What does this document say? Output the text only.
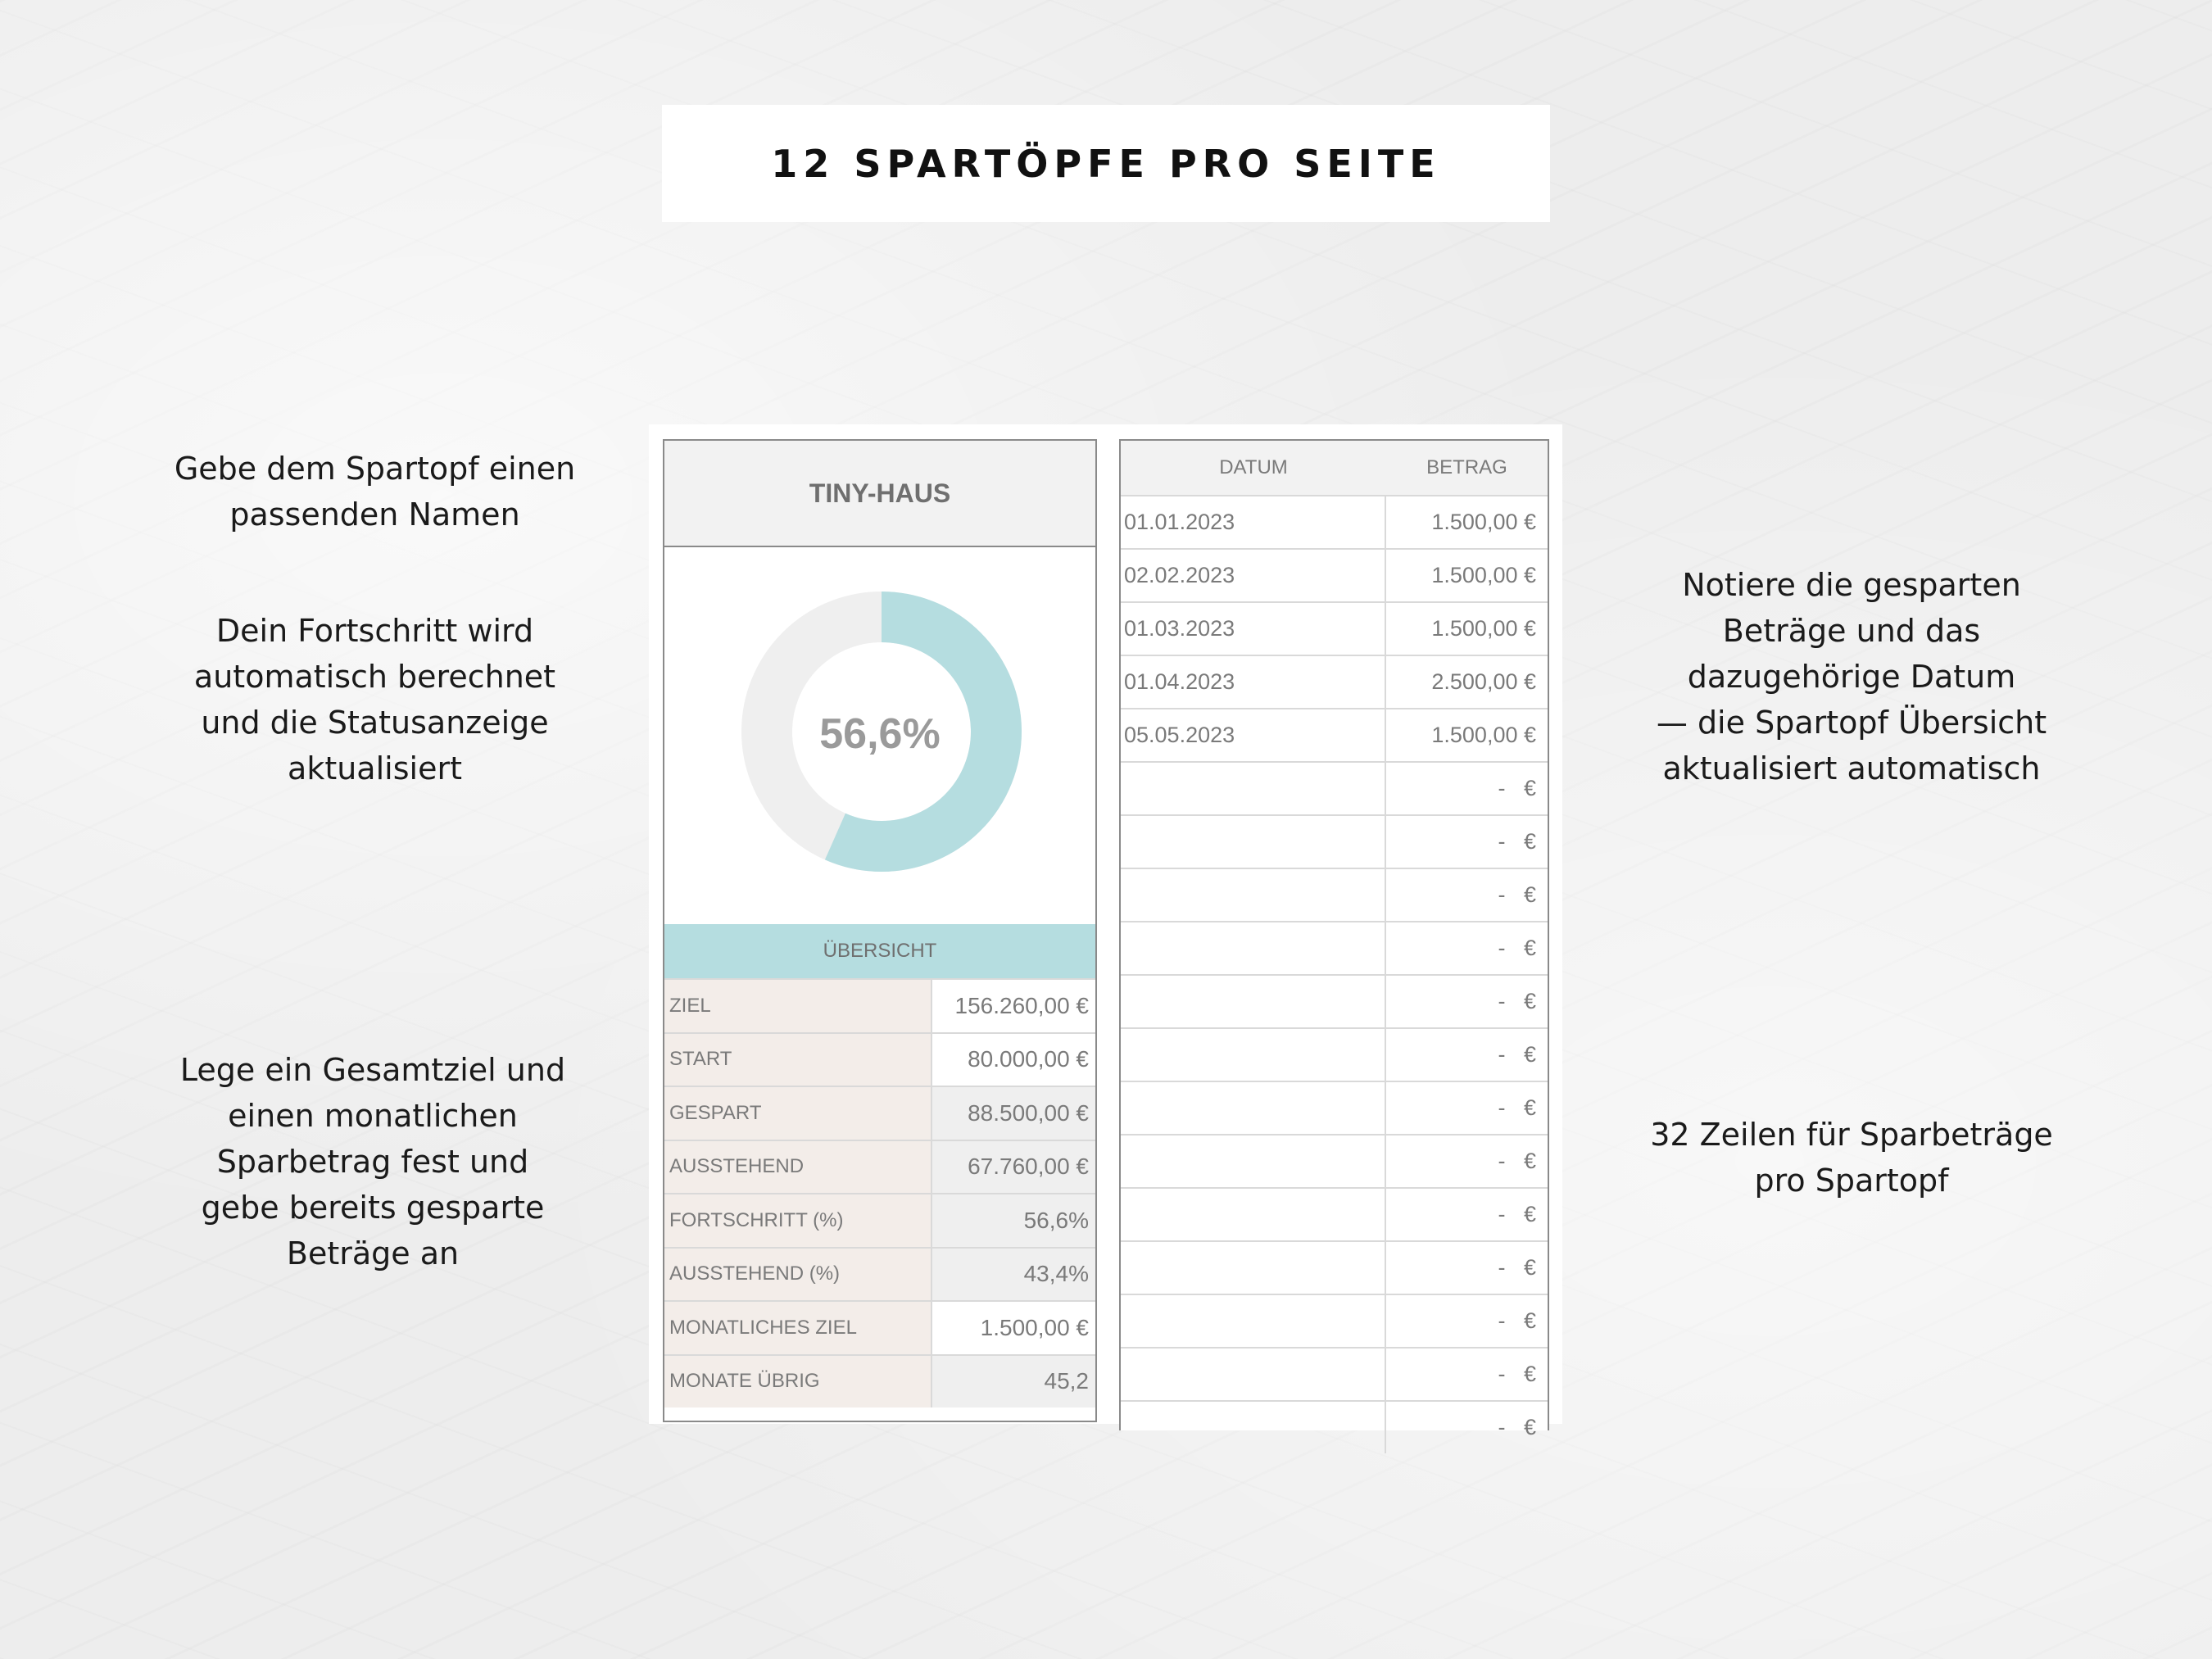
12 SPARTÖPFE PRO SEITE
Gebe dem Spartopf einen
passenden Namen
Dein Fortschritt wird
automatisch berechnet
und die Statusanzeige
aktualisiert
Lege ein Gesamtziel und
einen monatlichen
Sparbetrag fest und
gebe bereits gesparte
Beträge an
Notiere die gesparten
Beträge und das
dazugehörige Datum
— die Spartopf Übersicht
aktualisiert automatisch
32 Zeilen für Sparbeträge
pro Spartopf
TINY-HAUS
56,6%
ÜBERSICHT
ZIEL	156.260,00 €
START	80.000,00 €
GESPART	88.500,00 €
AUSSTEHEND	67.760,00 €
FORTSCHRITT (%)	56,6%
AUSSTEHEND (%)	43,4%
MONATLICHES ZIEL	1.500,00 €
MONATE ÜBRIG	45,2
DATUM	BETRAG
01.01.2023	1.500,00 €
02.02.2023	1.500,00 €
01.03.2023	1.500,00 €
01.04.2023	2.500,00 €
05.05.2023	1.500,00 €
-   €
-   €
-   €
-   €
-   €
-   €
-   €
-   €
-   €
-   €
-   €
-   €
-   €
